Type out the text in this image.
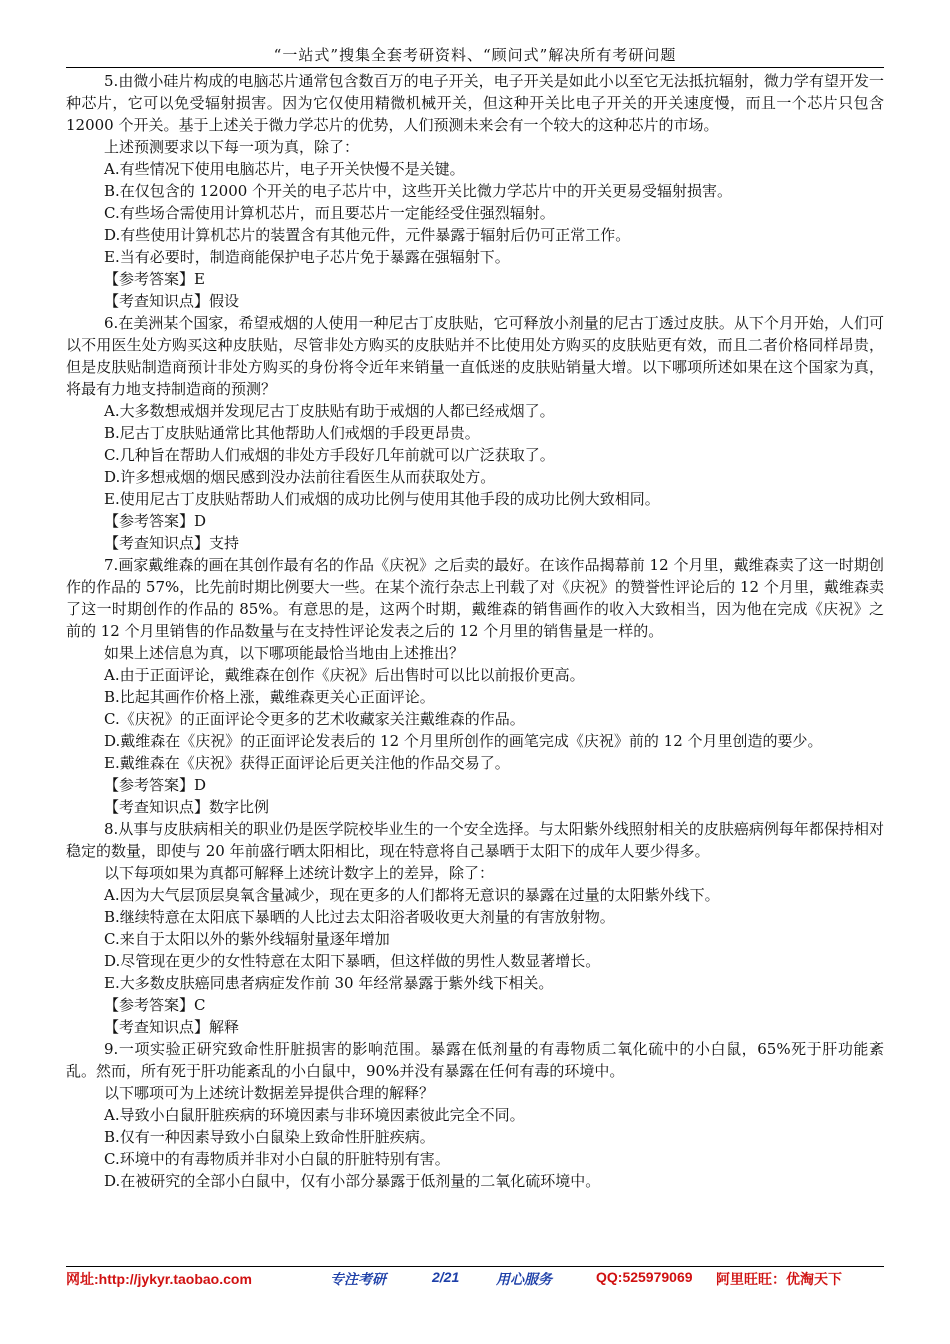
“一站式”搜集全套考研资料、“顾问式”解决所有考研问题

5.由微小硅片构成的电脑芯片通常包含数百万的电子开关，电子开关是如此小以至它无法抵抗辐射，微力学有望开发一种芯片，它可以免受辐射损害。因为它仅使用精微机械开关，但这种开关比电子开关的开关速度慢，而且一个芯片只包含 12000 个开关。基于上述关于微力学芯片的优势，人们预测未来会有一个较大的这种芯片的市场。

上述预测要求以下每一项为真，除了：

A.有些情况下使用电脑芯片，电子开关快慢不是关键。

B.在仅包含的 12000 个开关的电子芯片中，这些开关比微力学芯片中的开关更易受辐射损害。

C.有些场合需使用计算机芯片，而且要芯片一定能经受住强烈辐射。

D.有些使用计算机芯片的装置含有其他元件，元件暴露于辐射后仍可正常工作。

E.当有必要时，制造商能保护电子芯片免于暴露在强辐射下。

【参考答案】E

【考查知识点】假设

6.在美洲某个国家，希望戒烟的人使用一种尼古丁皮肤贴，它可释放小剂量的尼古丁透过皮肤。从下个月开始，人们可以不用医生处方购买这种皮肤贴，尽管非处方购买的皮肤贴并不比使用处方购买的皮肤贴更有效，而且二者价格同样昂贵，但是皮肤贴制造商预计非处方购买的身份将令近年来销量一直低迷的皮肤贴销量大增。以下哪项所述如果在这个国家为真，将最有力地支持制造商的预测？

A.大多数想戒烟并发现尼古丁皮肤贴有助于戒烟的人都已经戒烟了。

B.尼古丁皮肤贴通常比其他帮助人们戒烟的手段更昂贵。

C.几种旨在帮助人们戒烟的非处方手段好几年前就可以广泛获取了。

D.许多想戒烟的烟民感到没办法前往看医生从而获取处方。

E.使用尼古丁皮肤贴帮助人们戒烟的成功比例与使用其他手段的成功比例大致相同。

【参考答案】D

【考查知识点】支持

7.画家戴维森的画在其创作最有名的作品《庆祝》之后卖的最好。在该作品揭幕前 12 个月里，戴维森卖了这一时期创作的作品的 57%，比先前时期比例要大一些。在某个流行杂志上刊载了对《庆祝》的赞誉性评论后的 12 个月里，戴维森卖了这一时期创作的作品的 85%。有意思的是，这两个时期，戴维森的销售画作的收入大致相当，因为他在完成《庆祝》之前的 12 个月里销售的作品数量与在支持性评论发表之后的 12 个月里的销售量是一样的。

如果上述信息为真，以下哪项能最恰当地由上述推出？

A.由于正面评论，戴维森在创作《庆祝》后出售时可以比以前报价更高。

B.比起其画作价格上涨，戴维森更关心正面评论。

C.《庆祝》的正面评论令更多的艺术收藏家关注戴维森的作品。

D.戴维森在《庆祝》的正面评论发表后的 12 个月里所创作的画笔完成《庆祝》前的 12 个月里创造的要少。

E.戴维森在《庆祝》获得正面评论后更关注他的作品交易了。

【参考答案】D

【考查知识点】数字比例

8.从事与皮肤病相关的职业仍是医学院校毕业生的一个安全选择。与太阳紫外线照射相关的皮肤癌病例每年都保持相对稳定的数量，即使与 20 年前盛行晒太阳相比，现在特意将自己暴晒于太阳下的成年人要少得多。

以下每项如果为真都可解释上述统计数字上的差异，除了：

A.因为大气层顶层臭氧含量减少，现在更多的人们都将无意识的暴露在过量的太阳紫外线下。

B.继续特意在太阳底下暴晒的人比过去太阳浴者吸收更大剂量的有害放射物。

C.来自于太阳以外的紫外线辐射量逐年增加

D.尽管现在更少的女性特意在太阳下暴晒，但这样做的男性人数显著增长。

E.大多数皮肤癌同患者病症发作前 30 年经常暴露于紫外线下相关。

【参考答案】C

【考查知识点】解释

9.一项实验正研究致命性肝脏损害的影响范围。暴露在低剂量的有毒物质二氧化硫中的小白鼠，65%死于肝功能紊乱。然而，所有死于肝功能紊乱的小白鼠中，90%并没有暴露在任何有毒的环境中。

以下哪项可为上述统计数据差异提供合理的解释？

A.导致小白鼠肝脏疾病的环境因素与非环境因素彼此完全不同。

B.仅有一种因素导致小白鼠染上致命性肝脏疾病。

C.环境中的有毒物质并非对小白鼠的肝脏特别有害。

D.在被研究的全部小白鼠中，仅有小部分暴露于低剂量的二氧化硫环境中。

网址:http://jykyr.taobao.com	专注考研	2/21	用心服务	QQ:525979069 阿里旺旺：优淘天下
